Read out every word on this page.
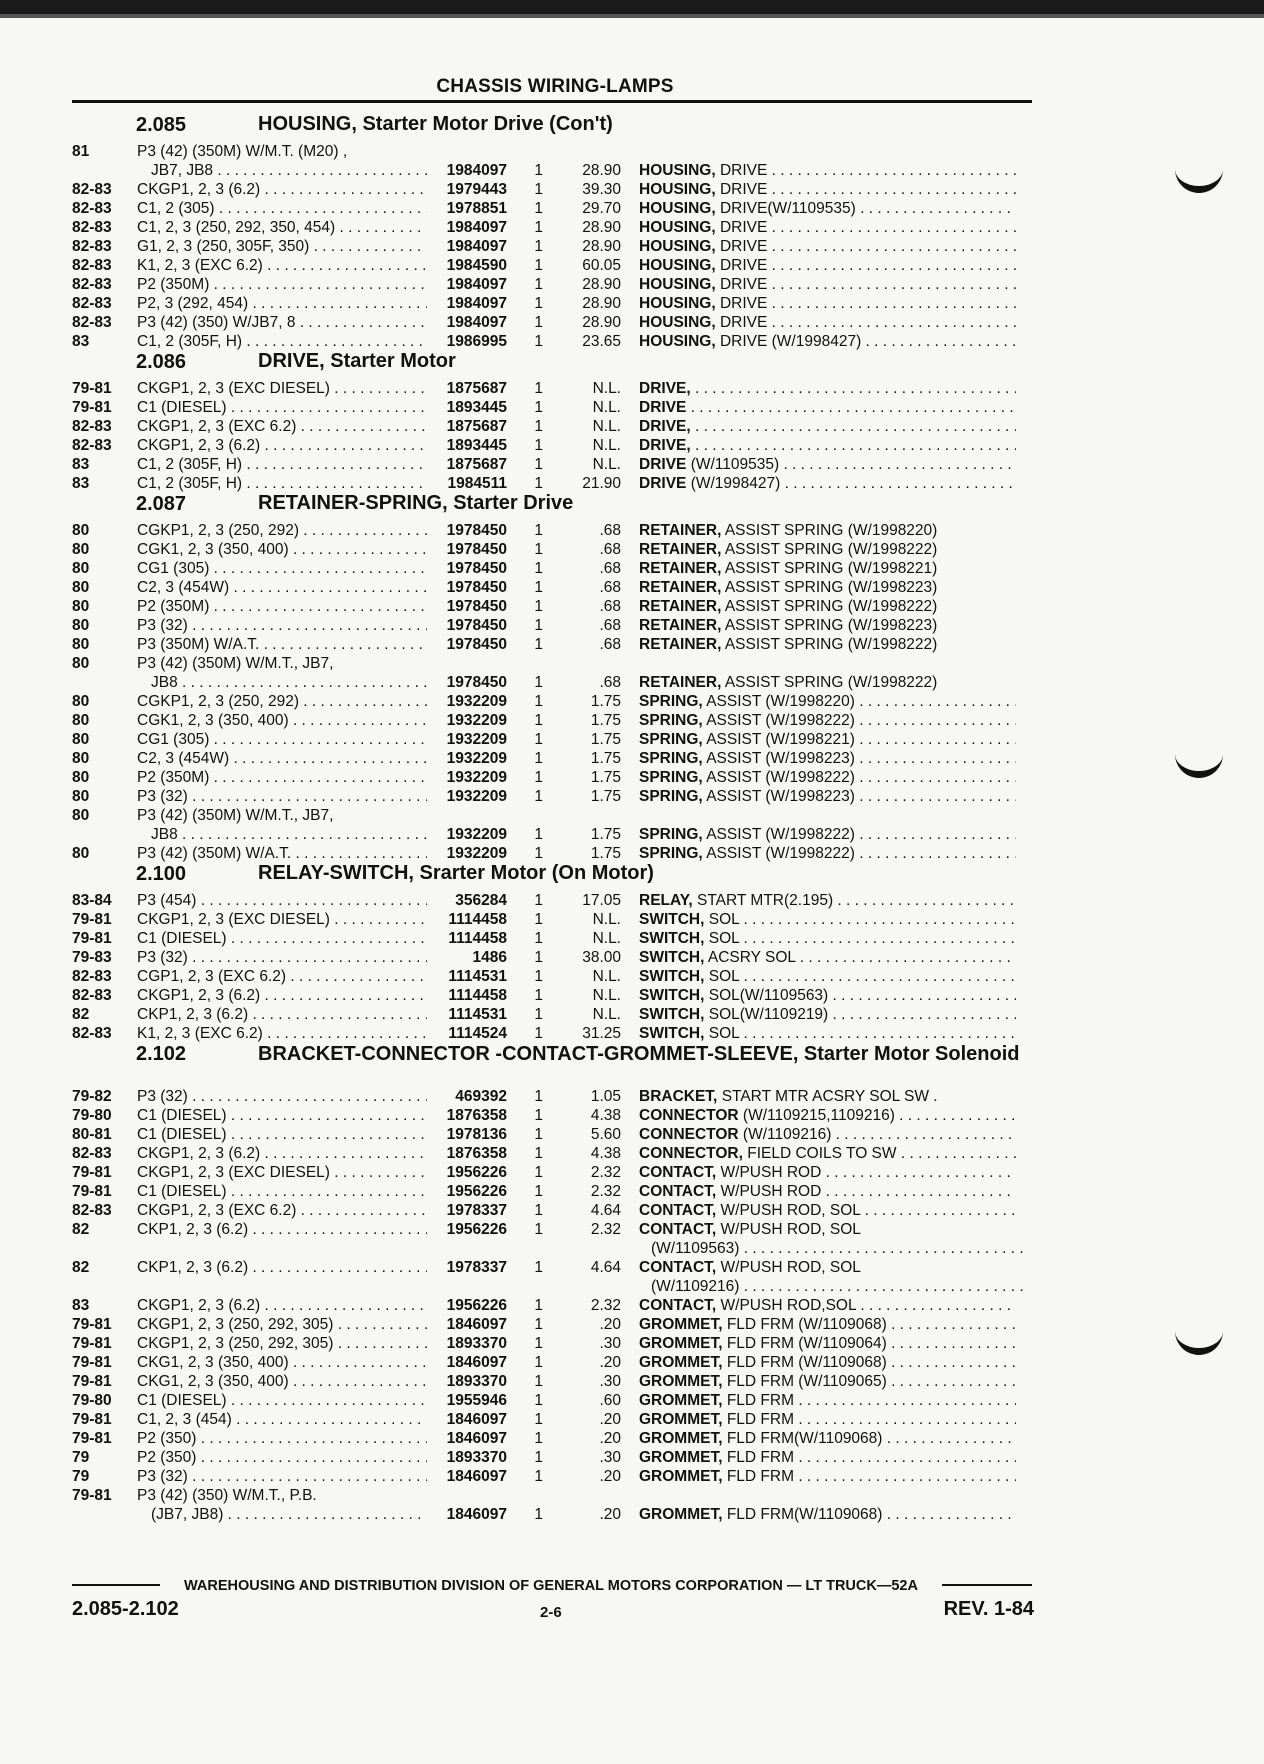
CHASSIS WIRING-LAMPS
2.085	HOUSING, Starter Motor Drive (Con't)
81	P3 (42) (350M) W/M.T. (M20) ,
JB7, JB8 . . .	1984097	1	28.90 HOUSING, DRIVE . . .
82-83	CKGP1, 2, 3 (6.2) . . .	1979443	1	39.30 HOUSING, DRIVE . . .
82-83	C1, 2 (305) . . .	1978851	1	29.70 HOUSING, DRIVE(W/1109535) . . .
82-83	C1, 2, 3 (250, 292, 350, 454) . . .	1984097	1	28.90 HOUSING, DRIVE . . .
82-83	G1, 2, 3 (250, 305F, 350) . . .	1984097	1	28.90 HOUSING, DRIVE . . .
82-83	K1, 2, 3 (EXC 6.2) . . .	1984590	1	60.05 HOUSING, DRIVE . . .
82-83	P2 (350M) . . .	1984097	1	28.90 HOUSING, DRIVE . . .
82-83	P2, 3 (292, 454) . . .	1984097	1	28.90 HOUSING, DRIVE . . .
82-83	P3 (42) (350) W/JB7, 8 . . .	1984097	1	28.90 HOUSING, DRIVE . . .
83	C1, 2 (305F, H) . . .	1986995	1	23.65 HOUSING, DRIVE (W/1998427) . . .
2.086	DRIVE, Starter Motor
79-81	CKGP1, 2, 3 (EXC DIESEL) . . .	1875687	1	N.L. DRIVE, . . .
79-81	C1 (DIESEL) . . .	1893445	1	N.L. DRIVE . . .
82-83	CKGP1, 2, 3 (EXC 6.2) . . .	1875687	1	N.L. DRIVE, . . .
82-83	CKGP1, 2, 3 (6.2) . . .	1893445	1	N.L. DRIVE, . . .
83	C1, 2 (305F, H) . . .	1875687	1	N.L. DRIVE (W/1109535) . . .
83	C1, 2 (305F, H) . . .	1984511	1	21.90 DRIVE (W/1998427) . . .
2.087	RETAINER-SPRING, Starter Drive
80	CGKP1, 2, 3 (250, 292) . . .	1978450	1	.68 RETAINER, ASSIST SPRING (W/1998220)
80	CGK1, 2, 3 (350, 400) . . .	1978450	1	.68 RETAINER, ASSIST SPRING (W/1998222)
80	CG1 (305) . . .	1978450	1	.68 RETAINER, ASSIST SPRING (W/1998221)
80	C2, 3 (454W) . . .	1978450	1	.68 RETAINER, ASSIST SPRING (W/1998223)
80	P2 (350M) . . .	1978450	1	.68 RETAINER, ASSIST SPRING (W/1998222)
80	P3 (32) . . .	1978450	1	.68 RETAINER, ASSIST SPRING (W/1998223)
80	P3 (350M) W/A.T. . . .	1978450	1	.68 RETAINER, ASSIST SPRING (W/1998222)
80	P3 (42) (350M) W/M.T., JB7,
JB8 . . .	1978450	1	.68 RETAINER, ASSIST SPRING (W/1998222)
80	CGKP1, 2, 3 (250, 292) . . .	1932209	1	1.75 SPRING, ASSIST (W/1998220) . . .
80	CGK1, 2, 3 (350, 400) . . .	1932209	1	1.75 SPRING, ASSIST (W/1998222) . . .
80	CG1 (305) . . .	1932209	1	1.75 SPRING, ASSIST (W/1998221) . . .
80	C2, 3 (454W) . . .	1932209	1	1.75 SPRING, ASSIST (W/1998223) . . .
80	P2 (350M) . . .	1932209	1	1.75 SPRING, ASSIST (W/1998222) . . .
80	P3 (32) . . .	1932209	1	1.75 SPRING, ASSIST (W/1998223) . . .
80	P3 (42) (350M) W/M.T., JB7,
JB8 . . .	1932209	1	1.75 SPRING, ASSIST (W/1998222) . . .
80	P3 (42) (350M) W/A.T. . . .	1932209	1	1.75 SPRING, ASSIST (W/1998222) . . .
2.100	RELAY-SWITCH, Srarter Motor (On Motor)
83-84	P3 (454) . . .	356284	1	17.05 RELAY, START MTR(2.195) . . .
79-81	CKGP1, 2, 3 (EXC DIESEL) . . .	1114458	1	N.L. SWITCH, SOL . . .
79-81	C1 (DIESEL) . . .	1114458	1	N.L. SWITCH, SOL . . .
79-83	P3 (32) . . .	1486	1	38.00 SWITCH, ACSRY SOL . . .
82-83	CGP1, 2, 3 (EXC 6.2) . . .	1114531	1	N.L. SWITCH, SOL . . .
82-83	CKGP1, 2, 3 (6.2) . . .	1114458	1	N.L. SWITCH, SOL(W/1109563) . . .
82	CKP1, 2, 3 (6.2) . . .	1114531	1	N.L. SWITCH, SOL(W/1109219) . . .
82-83	K1, 2, 3 (EXC 6.2) . . .	1114524	1	31.25 SWITCH, SOL . . .
2.102	BRACKET-CONNECTOR -CONTACT-GROMMET-SLEEVE, Starter Motor Solenoid
79-82	P3 (32) . . .	469392	1	1.05 BRACKET, START MTR ACSRY SOL SW .
79-80	C1 (DIESEL) . . .	1876358	1	4.38 CONNECTOR (W/1109215,1109216) . . .
80-81	C1 (DIESEL) . . .	1978136	1	5.60 CONNECTOR (W/1109216) . . .
82-83	CKGP1, 2, 3 (6.2) . . .	1876358	1	4.38 CONNECTOR, FIELD COILS TO SW . . .
79-81	CKGP1, 2, 3 (EXC DIESEL) . . .	1956226	1	2.32 CONTACT, W/PUSH ROD . . .
79-81	C1 (DIESEL) . . .	1956226	1	2.32 CONTACT, W/PUSH ROD . . .
82-83	CKGP1, 2, 3 (EXC 6.2) . . .	1978337	1	4.64 CONTACT, W/PUSH ROD, SOL . . .
82	CKP1, 2, 3 (6.2) . . .	1956226	1	2.32 CONTACT, W/PUSH ROD, SOL
(W/1109563) . . .
82	CKP1, 2, 3 (6.2) . . .	1978337	1	4.64 CONTACT, W/PUSH ROD, SOL
(W/1109216) . . .
83	CKGP1, 2, 3 (6.2) . . .	1956226	1	2.32 CONTACT, W/PUSH ROD,SOL . . .
79-81	CKGP1, 2, 3 (250, 292, 305) . . .	1846097	1	.20 GROMMET, FLD FRM (W/1109068) . . .
79-81	CKGP1, 2, 3 (250, 292, 305) . . .	1893370	1	.30 GROMMET, FLD FRM (W/1109064) . . .
79-81	CKG1, 2, 3 (350, 400) . . .	1846097	1	.20 GROMMET, FLD FRM (W/1109068) . . .
79-81	CKG1, 2, 3 (350, 400) . . .	1893370	1	.30 GROMMET, FLD FRM (W/1109065) . . .
79-80	C1 (DIESEL) . . .	1955946	1	.60 GROMMET, FLD FRM . . .
79-81	C1, 2, 3 (454) . . .	1846097	1	.20 GROMMET, FLD FRM . . .
79-81	P2 (350) . . .	1846097	1	.20 GROMMET, FLD FRM(W/1109068) . . .
79	P2 (350) . . .	1893370	1	.30 GROMMET, FLD FRM . . .
79	P3 (32) . . .	1846097	1	.20 GROMMET, FLD FRM . . .
79-81	P3 (42) (350) W/M.T., P.B.
(JB7, JB8) . . .	1846097	1	.20 GROMMET, FLD FRM(W/1109068) . . .
WAREHOUSING AND DISTRIBUTION DIVISION OF GENERAL MOTORS CORPORATION — LT TRUCK—52A
2.085-2.102	2-6	REV. 1-84
